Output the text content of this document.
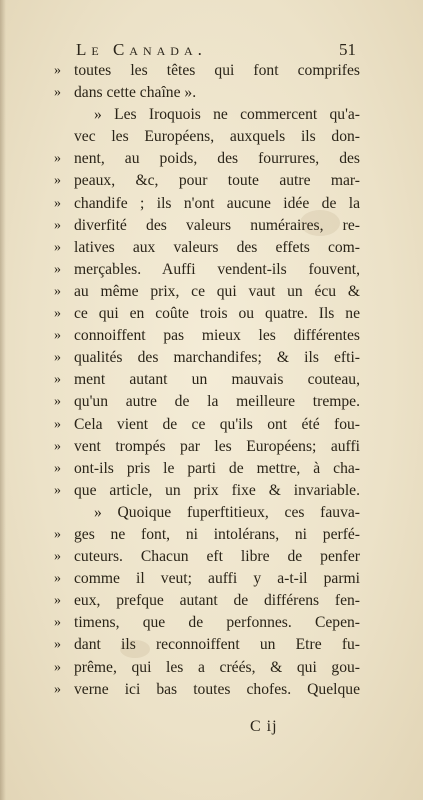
Le Canada.	51
» toutes les têtes qui font comprifes
» dans cette chaîne ».
» Les Iroquois ne commercent qu'a-
vec les Européens, auxquels ils don-
» nent, au poids, des fourrures, des
» peaux, &c, pour toute autre mar-
» chandife ; ils n'ont aucune idée de la
» diverfité des valeurs numéraires, re-
» latives aux valeurs des effets com-
» merçables. Auffi vendent-ils fouvent,
» au même prix, ce qui vaut un écu &
» ce qui en coûte trois ou quatre. Ils ne
» connoiffent pas mieux les différentes
» qualités des marchandifes; & ils efti-
» ment autant un mauvais couteau,
» qu'un autre de la meilleure trempe.
» Cela vient de ce qu'ils ont été fou-
» vent trompés par les Européens; auffi
» ont-ils pris le parti de mettre, à cha-
» que article, un prix fixe & invariable.
» Quoique fuperftitieux, ces fauva-
» ges ne font, ni intolérans, ni perfé-
» cuteurs. Chacun eft libre de penfer
» comme il veut; auffi y a-t-il parmi
» eux, prefque autant de différens fen-
» timens, que de perfonnes. Cepen-
» dant ils reconnoiffent un Etre fu-
» prême, qui les a créés, & qui gou-
» verne ici bas toutes chofes. Quelque
C ij
